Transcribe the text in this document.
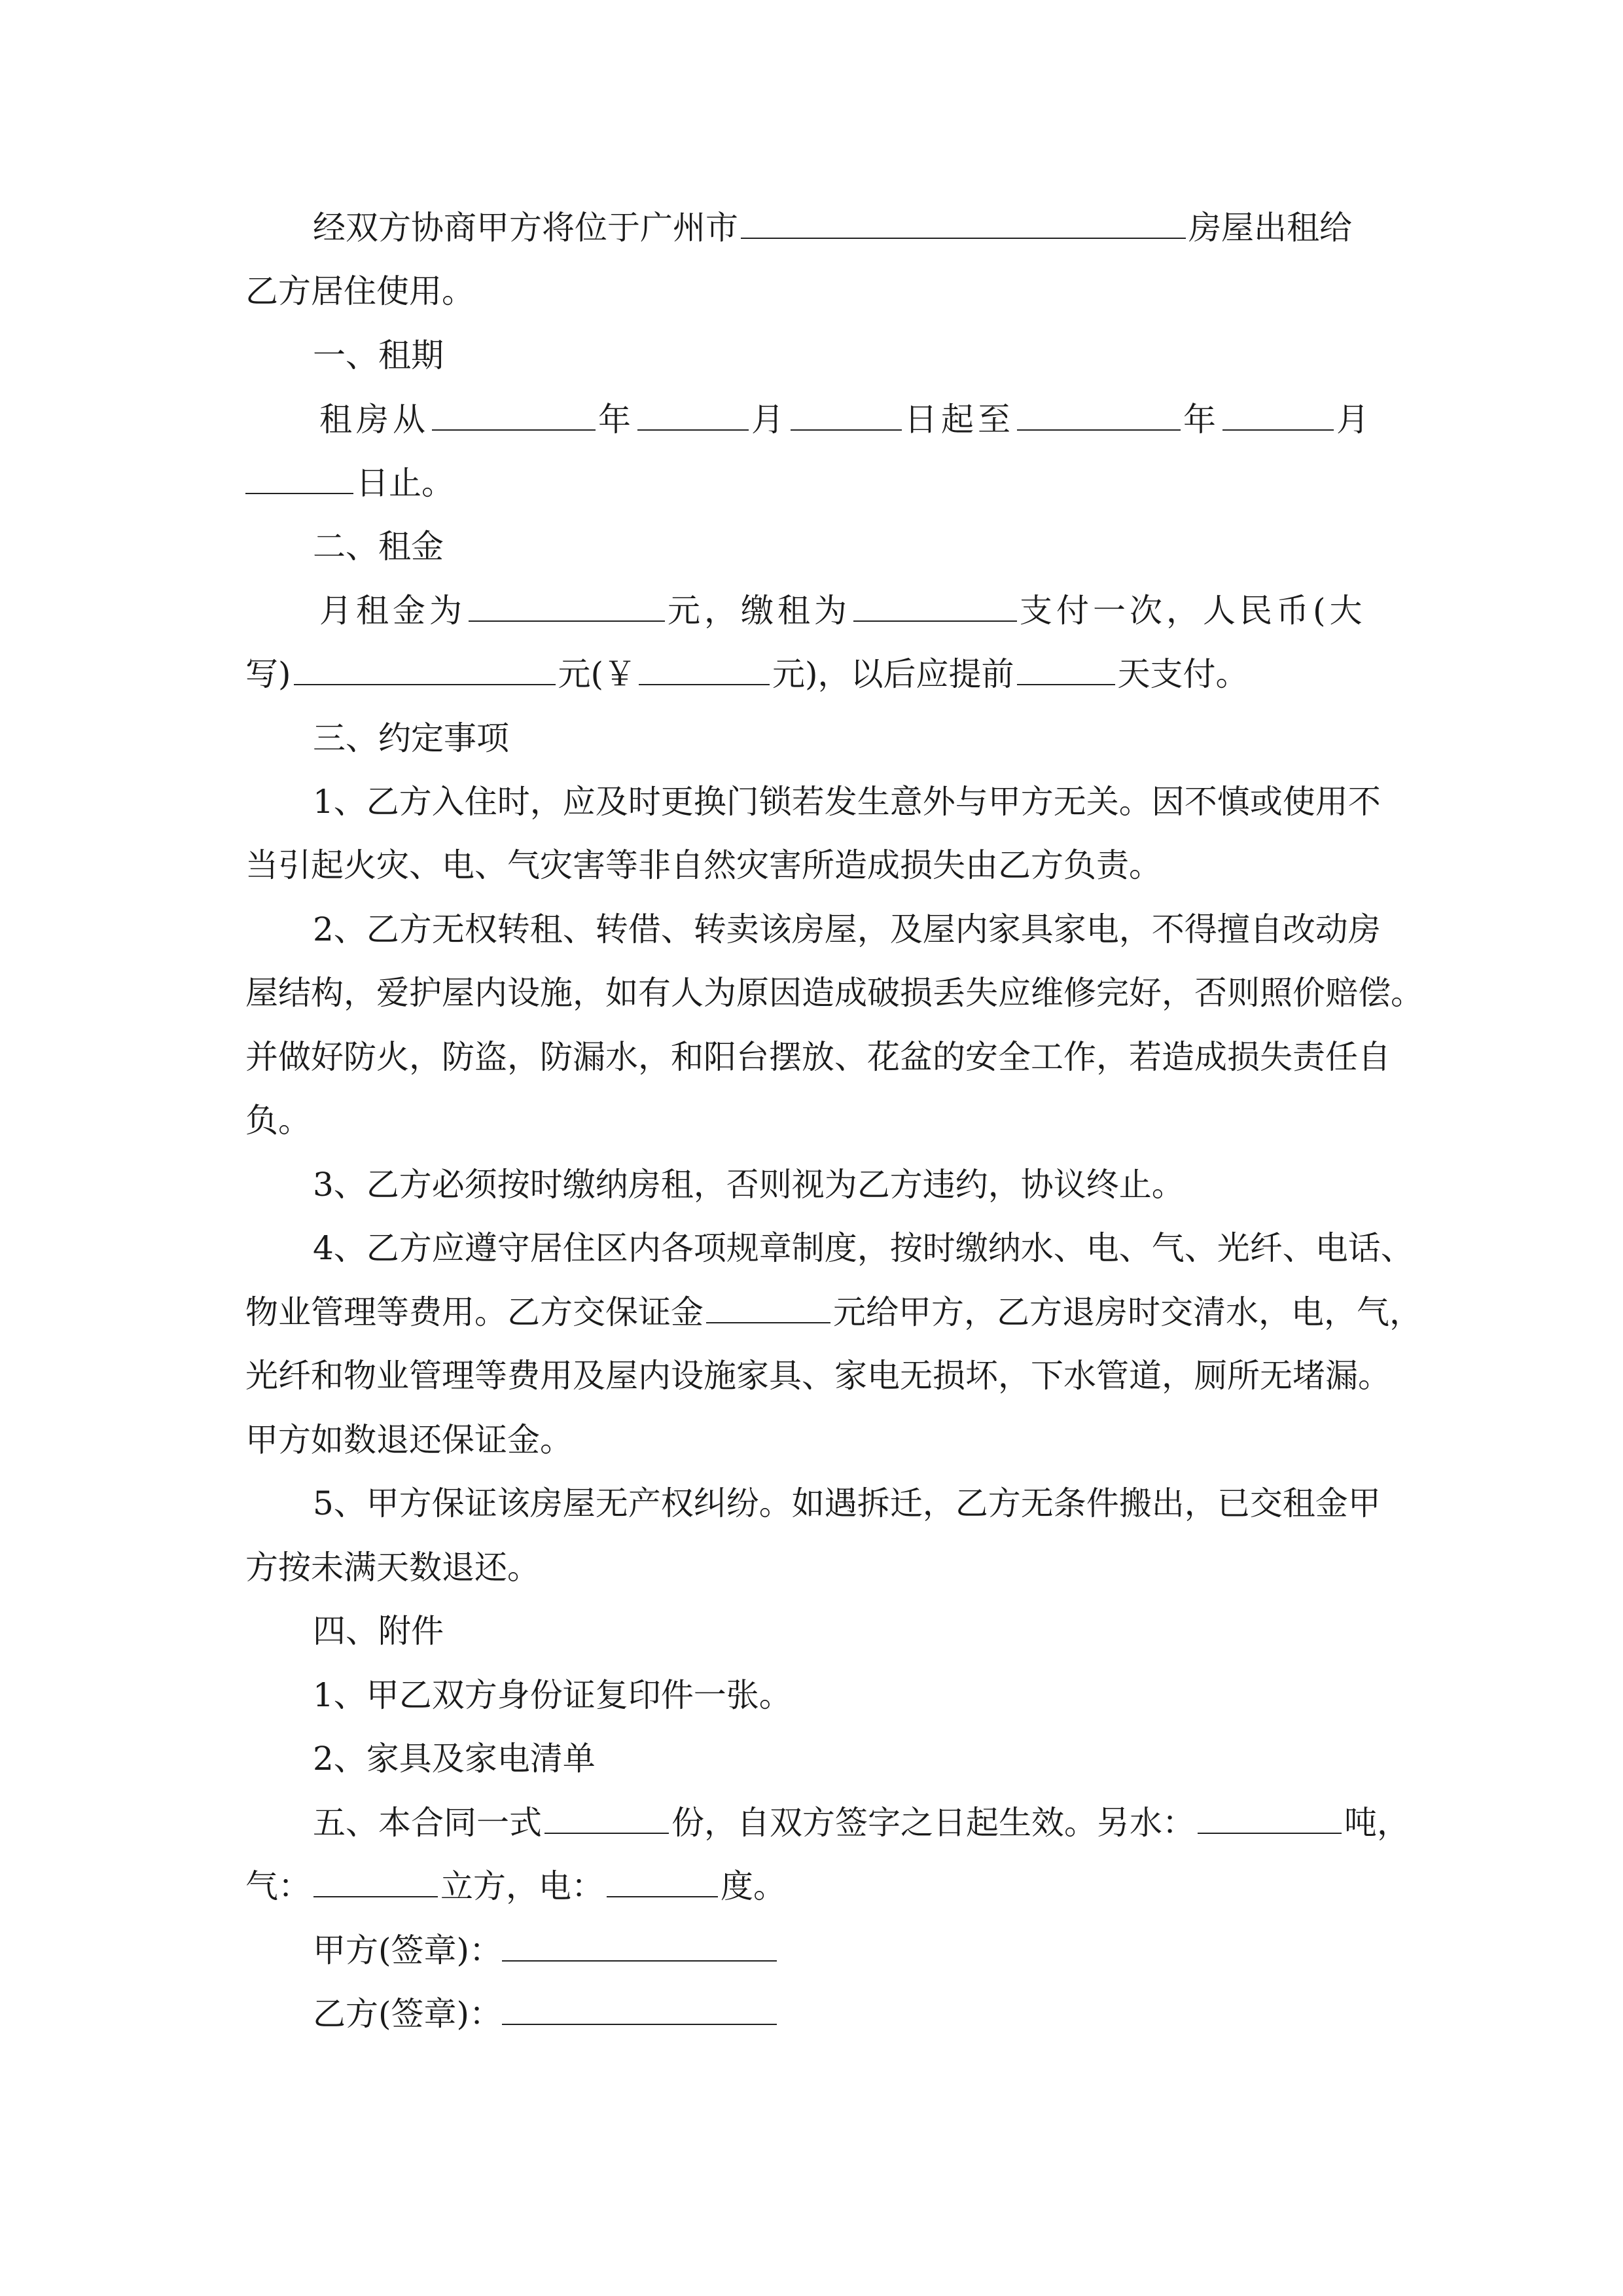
经双方协商甲方将位于广州市	房屋出租给
乙方居住使用。
一、租期
租房从	年	月	日起至	年	月
日止。
二、租金
月租金为	元，缴租为	支付一次，人民币(大
写)	元(￥	元)，以后应提前	天支付。
三、约定事项
1、乙方入住时，应及时更换门锁若发生意外与甲方无关。因不慎或使用不
当引起火灾、电、气灾害等非自然灾害所造成损失由乙方负责。
2、乙方无权转租、转借、转卖该房屋，及屋内家具家电，不得擅自改动房
屋结构，爱护屋内设施，如有人为原因造成破损丢失应维修完好，否则照价赔偿。
并做好防火，防盗，防漏水，和阳台摆放、花盆的安全工作，若造成损失责任自
负。
3、乙方必须按时缴纳房租，否则视为乙方违约，协议终止。
4、乙方应遵守居住区内各项规章制度，按时缴纳水、电、气、光纤、电话、
物业管理等费用。乙方交保证金	元给甲方，乙方退房时交清水，电，气，
光纤和物业管理等费用及屋内设施家具、家电无损坏，下水管道，厕所无堵漏。
甲方如数退还保证金。
5、甲方保证该房屋无产权纠纷。如遇拆迁，乙方无条件搬出，已交租金甲
方按未满天数退还。
四、附件
1、甲乙双方身份证复印件一张。
2、家具及家电清单
五、本合同一式	份，自双方签字之日起生效。另水：	吨，
气：	立方，电：	度。
甲方(签章)：
乙方(签章)：
